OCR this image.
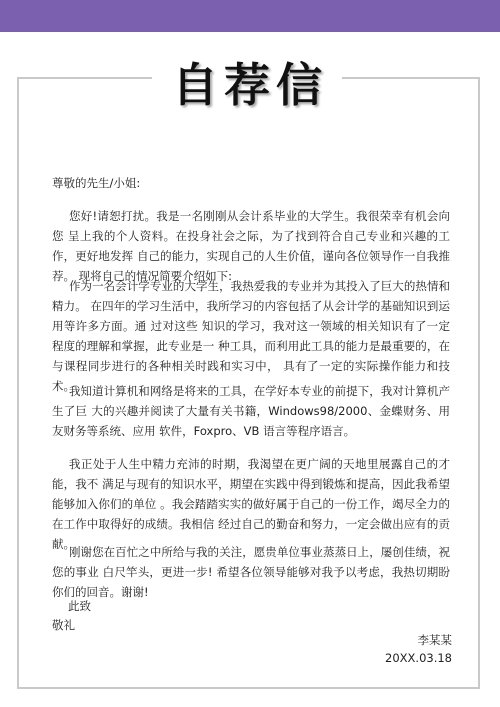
自荐信
尊敬的先生/小姐:
您好!请恕打扰。我是一名刚刚从会计系毕业的大学生。我很荣幸有机会向您 呈上我的个人资料。在投身社会之际，为了找到符合自己专业和兴趣的工作，更好地发挥 自己的能力，实现自己的人生价值，谨向各位领导作一自我推荐。 现将自己的情况简要介绍如下:
作为一名会计学专业的大学生，我热爱我的专业并为其投入了巨大的热情和精力。 在四年的学习生活中，我所学习的内容包括了从会计学的基础知识到运用等许多方面。通 过对这些 知识的学习，我对这一领域的相关知识有了一定程度的理解和掌握，此专业是一 种工具，而利用此工具的能力是最重要的，在与课程同步进行的各种相关时践和实习中， 具有了一定的实际操作能力和技术。
我知道计算机和网络是将来的工具，在学好本专业的前提下，我对计算机产生了巨 大的兴趣并阅读了大量有关书籍，Windows98/2000、金蝶财务、用友财务等系统、应用 软件，Foxpro、VB 语言等程序语言。
我正处于人生中精力充沛的时期，我渴望在更广阔的天地里展露自己的才能，我不 满足与现有的知识水平，期望在实践中得到锻炼和提高，因此我希望能够加入你们的单位 。我会踏踏实实的做好属于自己的一份工作，竭尽全力的在工作中取得好的成绩。我相信 经过自己的勤奋和努力，一定会做出应有的贡献。
刚谢您在百忙之中所给与我的关注，愿贵单位事业蒸蒸日上，屡创佳绩，祝您的事业 白尺竿头，更进一步! 希望各位领导能够对我予以考虑，我热切期盼你们的回音。谢谢!
此致
敬礼
李某某
20XX.03.18
